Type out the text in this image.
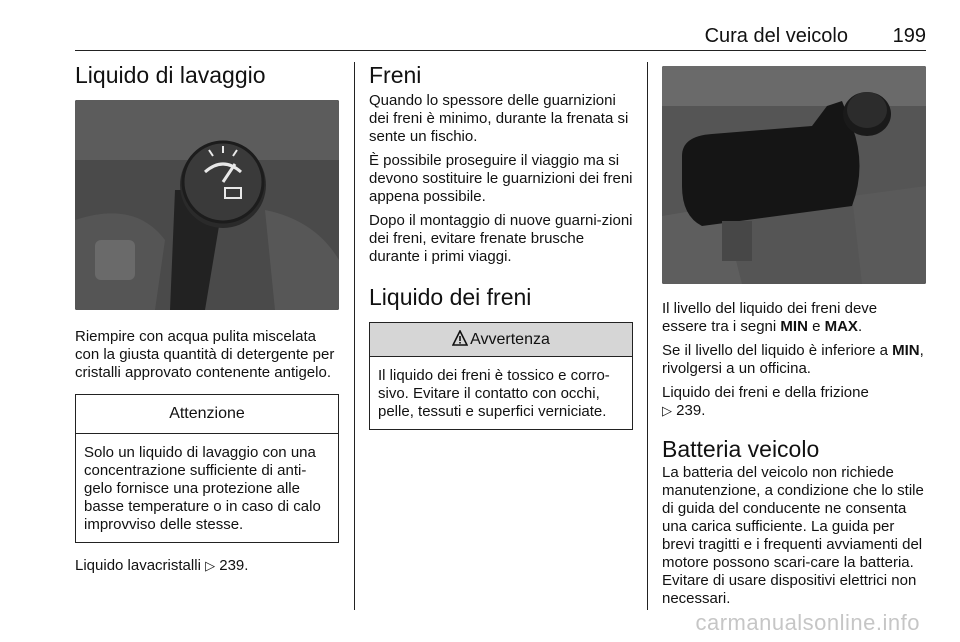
Cura del veicolo 199
Liquido di lavaggio

Riempire con acqua pulita miscelata con la giusta quantità di detergente per cristalli approvato contenente antigelo.

Attenzione
Solo un liquido di lavaggio con una concentrazione sufficiente di anti-gelo fornisce una protezione alle basse temperature o in caso di calo improvviso delle stesse.

Liquido lavacristalli ▷ 239.

Freni

Quando lo spessore delle guarnizioni dei freni è minimo, durante la frenata si sente un fischio.

È possibile proseguire il viaggio ma si devono sostituire le guarnizioni dei freni appena possibile.

Dopo il montaggio di nuove guarni-zioni dei freni, evitare frenate brusche durante i primi viaggi.

Liquido dei freni
Avvertenza
Il liquido dei freni è tossico e corro-sivo. Evitare il contatto con occhi, pelle, tessuti e superfici verniciate.

Il livello del liquido dei freni deve essere tra i segni MIN e MAX.

Se il livello del liquido è inferiore a MIN, rivolgersi a un officina.

Liquido dei freni e della frizione
▷ 239.

Batteria veicolo

La batteria del veicolo non richiede manutenzione, a condizione che lo stile di guida del conducente ne consenta una carica sufficiente. La guida per brevi tragitti e i frequenti avviamenti del motore possono scari-care la batteria. Evitare di usare dispositivi elettrici non necessari.

carmanualsonline.info
